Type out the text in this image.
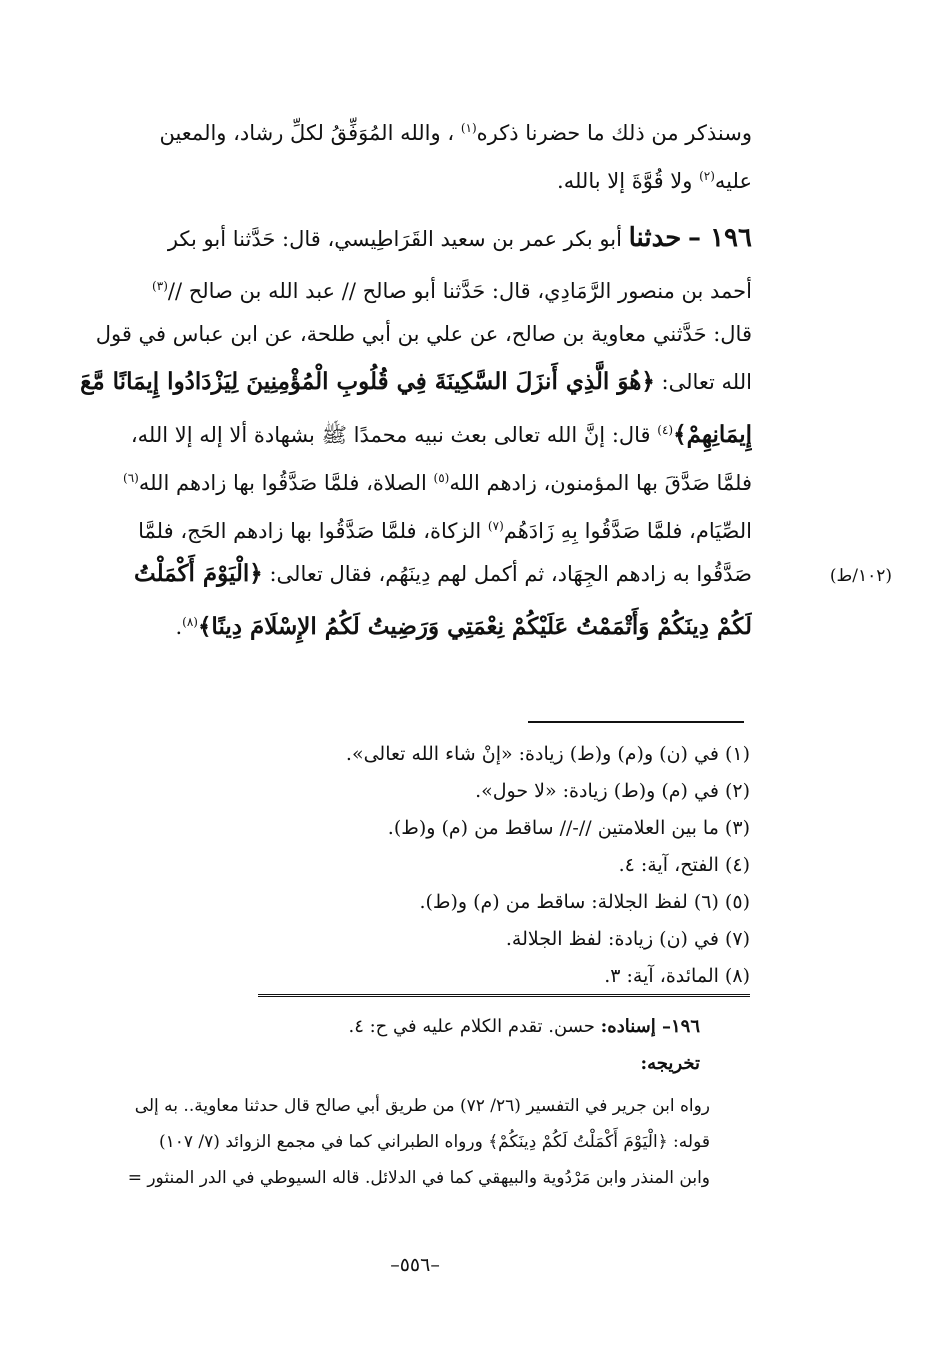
وسنذكر من ذلك ما حضرنا ذكره$^{(١)}$ ، والله المُوَفِّقُ لكلِّ رشاد، والمعين
عليه$^{(٢)}$ ولا قُوَّةَ إلا بالله.
١٩٦ – حدثنا أبو بكر عمر بن سعيد القَرَاطِيسي، قال: حَدَّثنا أبو بكر
أحمد بن منصور الرَّمَادِي، قال: حَدَّثنا أبو صالح // عبد الله بن صالح //$^{(٣)}$
قال: حَدَّثني معاوية بن صالح، عن علي بن أبي طلحة، عن ابن عباس في قول
الله تعالى: ﴿هُوَ الَّذِي أَنزَلَ السَّكِينَةَ فِي قُلُوبِ الْمُؤْمِنِينَ لِيَزْدَادُوا إِيمَانًا مَّعَ
إِيمَانِهِمْ﴾$^{(٤)}$ قال: إنَّ الله تعالى بعث نبيه محمدًا ﷺ بشهادة ألا إله إلا الله،
فلمَّا صَدَّقَ بها المؤمنون، زادهم الله$^{(٥)}$ الصلاة، فلمَّا صَدَّقُوا بها زادهم الله$^{(٦)}$
الصِّيَام، فلمَّا صَدَّقُوا بِهِ زَادَهُم$^{(٧)}$ الزكاة، فلمَّا صَدَّقُوا بها زادهم الحَج، فلمَّا
صَدَّقُوا به زادهم الجِهَاد، ثم أكمل لهم دِينَهُم، فقال تعالى: ﴿الْيَوْمَ أَكْمَلْتُ
لَكُمْ دِينَكُمْ وَأَتْمَمْتُ عَلَيْكُمْ نِعْمَتِي وَرَضِيتُ لَكُمُ الإِسْلَامَ دِينًا﴾$^{(٨)}$.
(١٠٢/ط)
(١) في (ن) و(م) و(ط) زيادة: «إنْ شاء الله تعالى».
(٢) في (م) و(ط) زيادة: «لا حول».
(٣) ما بين العلامتين //-// ساقط من (م) و(ط).
(٤) الفتح، آية: ٤.
(٥) (٦) لفظ الجلالة: ساقط من (م) و(ط).
(٧) في (ن) زيادة: لفظ الجلالة.
(٨) المائدة، آية: ٣.
١٩٦– إسناده: حسن. تقدم الكلام عليه في ح: ٤.
تخريجه:
رواه ابن جرير في التفسير (٢٦/ ٧٢) من طريق أبي صالح قال حدثنا معاوية.. به إلى
قوله: ﴿الْيَوْمَ أَكْمَلْتُ لَكُمْ دِينَكُمْ﴾ ورواه الطبراني كما في مجمع الزوائد (٧/ ١٠٧)
وابن المنذر وابن مَرْدُوية والبيهقي كما في الدلائل. قاله السيوطي في الدر المنثور =
–٥٥٦–
